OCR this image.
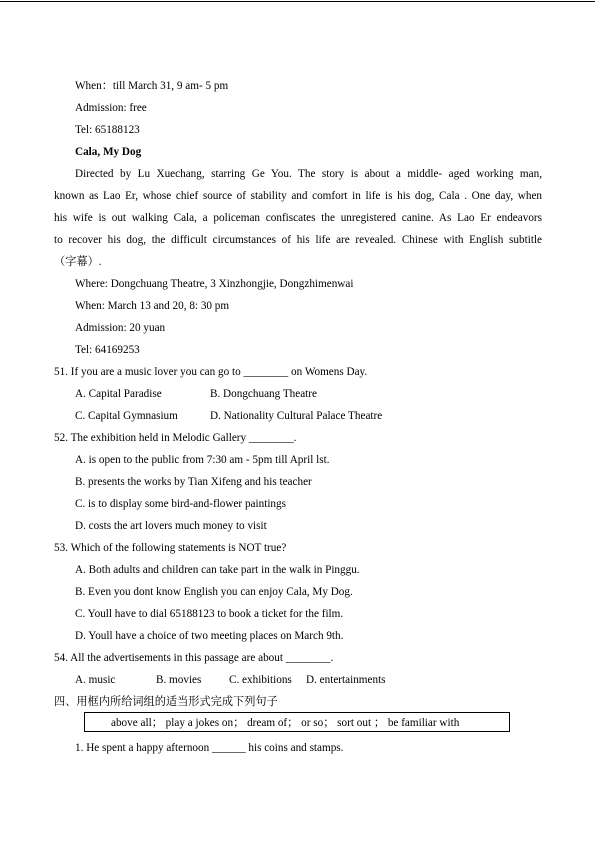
When：till March 31, 9 am- 5 pm
Admission: free
Tel: 65188123
Cala, My Dog
Directed by Lu Xuechang, starring Ge You. The story is about a middle- aged working man,
known as Lao Er, whose chief source of stability and comfort in life is his dog, Cala . One day, when
his wife is out walking Cala, a policeman confiscates the unregistered canine. As Lao Er endeavors
to recover his dog, the difficult circumstances of his life are revealed. Chinese with English subtitle
（字幕）.
Where: Dongchuang Theatre, 3 Xinzhongjie, Dongzhimenwai
When: March 13 and 20, 8: 30 pm
Admission: 20 yuan
Tel: 64169253
51. If you are a music lover you can go to ________ on Womens Day.
A. Capital Paradise	B. Dongchuang Theatre
C. Capital Gymnasium	D. Nationality Cultural Palace Theatre
52. The exhibition held in Melodic Gallery ________.
A. is open to the public from 7:30 am - 5pm till April lst.
B. presents the works by Tian Xifeng and his teacher
C. is to display some bird-and-flower paintings
D. costs the art lovers much money to visit
53. Which of the following statements is NOT true?
A. Both adults and children can take part in the walk in Pinggu.
B. Even you dont know English you can enjoy Cala, My Dog.
C. Youll have to dial 65188123 to book a ticket for the film.
D. Youll have a choice of two meeting places on March 9th.
54. All the advertisements in this passage are about ________.
A. music	B. movies C. exhibitions D. entertainments
四、用框内所给词组的适当形式完成下列句子
above all； play a jokes on； dream of； or so； sort out ； be familiar with
1. He spent a happy afternoon ______ his coins and stamps.
